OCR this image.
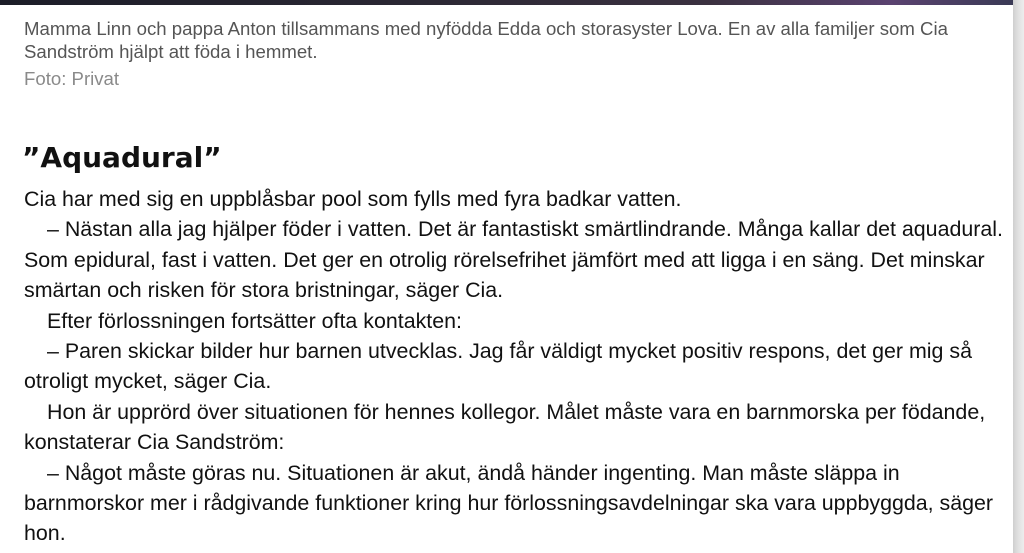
Mamma Linn och pappa Anton tillsammans med nyfödda Edda och storasyster Lova. En av alla familjer som Cia Sandström hjälpt att föda i hemmet.
Foto: Privat
”Aquadural”

Cia har med sig en uppblåsbar pool som fylls med fyra badkar vatten.

– Nästan alla jag hjälper föder i vatten. Det är fantastiskt smärtlindrande. Många kallar det aquadural. Som epidural, fast i vatten. Det ger en otrolig rörelsefrihet jämfört med att ligga i en säng. Det minskar smärtan och risken för stora bristningar, säger Cia.

Efter förlossningen fortsätter ofta kontakten:

– Paren skickar bilder hur barnen utvecklas. Jag får väldigt mycket positiv respons, det ger mig så otroligt mycket, säger Cia.

Hon är upprörd över situationen för hennes kollegor. Målet måste vara en barnmorska per födande, konstaterar Cia Sandström:

– Något måste göras nu. Situationen är akut, ändå händer ingenting. Man måste släppa in barnmorskor mer i rådgivande funktioner kring hur förlossningsavdelningar ska vara uppbyggda, säger hon.
